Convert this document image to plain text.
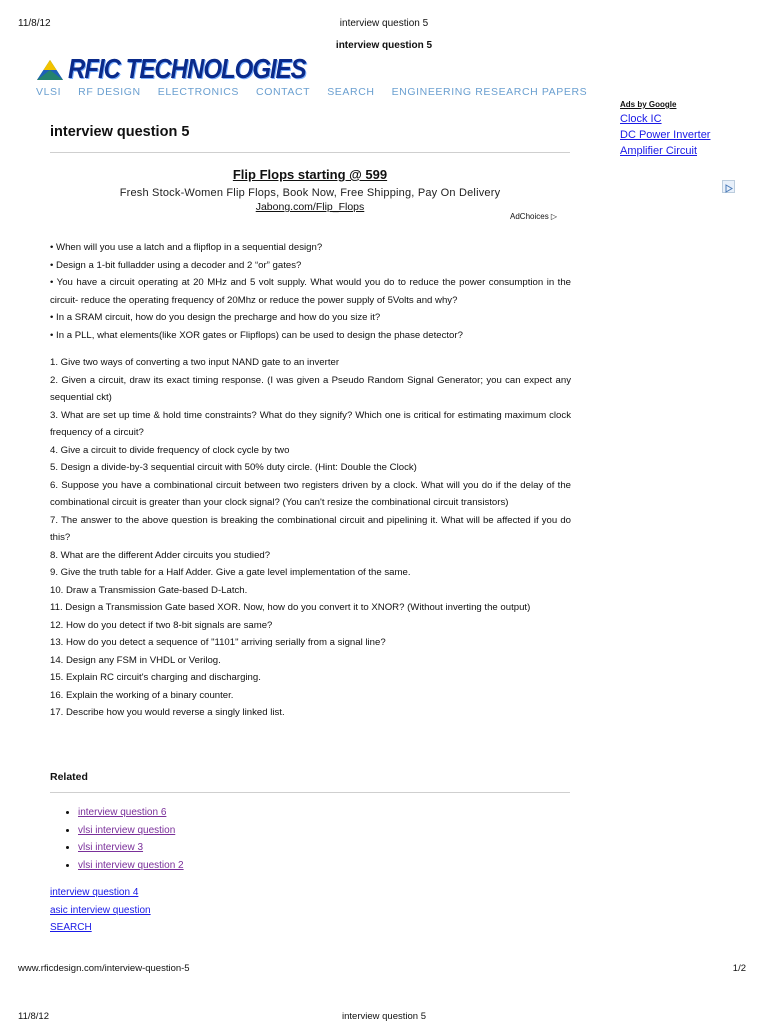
11/8/12	interview question 5
interview question 5
RFIC TECHNOLOGIES
VLSI RF DESIGN ELECTRONICS CONTACT SEARCH ENGINEERING RESEARCH PAPERS
Ads by Google
Clock IC
DC Power Inverter
Amplifier Circuit
interview question 5
Flip Flops starting @ 599
Fresh Stock-Women Flip Flops, Book Now, Free Shipping, Pay On Delivery
Jabong.com/Flip_Flops
AdChoices ▷

• When will you use a latch and a flipflop in a sequential design?

• Design a 1-bit fulladder using a decoder and 2 “or” gates?

• You have a circuit operating at 20 MHz and 5 volt supply. What would you do to reduce the power consumption in the circuit- reduce the operating frequency of 20Mhz or reduce the power supply of 5Volts and why?

• In a SRAM circuit, how do you design the precharge and how do you size it?

• In a PLL, what elements(like XOR gates or Flipflops) can be used to design the phase detector?

1. Give two ways of converting a two input NAND gate to an inverter

2. Given a circuit, draw its exact timing response. (I was given a Pseudo Random Signal Generator; you can expect any sequential ckt)

3. What are set up time & hold time constraints? What do they signify? Which one is critical for estimating maximum clock frequency of a circuit?

4. Give a circuit to divide frequency of clock cycle by two

5. Design a divide-by-3 sequential circuit with 50% duty circle. (Hint: Double the Clock)

6. Suppose you have a combinational circuit between two registers driven by a clock. What will you do if the delay of the combinational circuit is greater than your clock signal? (You can't resize the combinational circuit transistors)

7. The answer to the above question is breaking the combinational circuit and pipelining it. What will be affected if you do this?

8. What are the different Adder circuits you studied?

9. Give the truth table for a Half Adder. Give a gate level implementation of the same.

10. Draw a Transmission Gate-based D-Latch.

11. Design a Transmission Gate based XOR. Now, how do you convert it to XNOR? (Without inverting the output)

12. How do you detect if two 8-bit signals are same?

13. How do you detect a sequence of "1101" arriving serially from a signal line?

14. Design any FSM in VHDL or Verilog.

15. Explain RC circuit's charging and discharging.

16. Explain the working of a binary counter.

17. Describe how you would reverse a singly linked list.

Related
• interview question 6
• vlsi interview question
• vlsi interview 3
• vlsi interview question 2
interview question 4
asic interview question
SEARCH
www.rficdesign.com/interview-question-5	1/2
11/8/12	interview question 5
